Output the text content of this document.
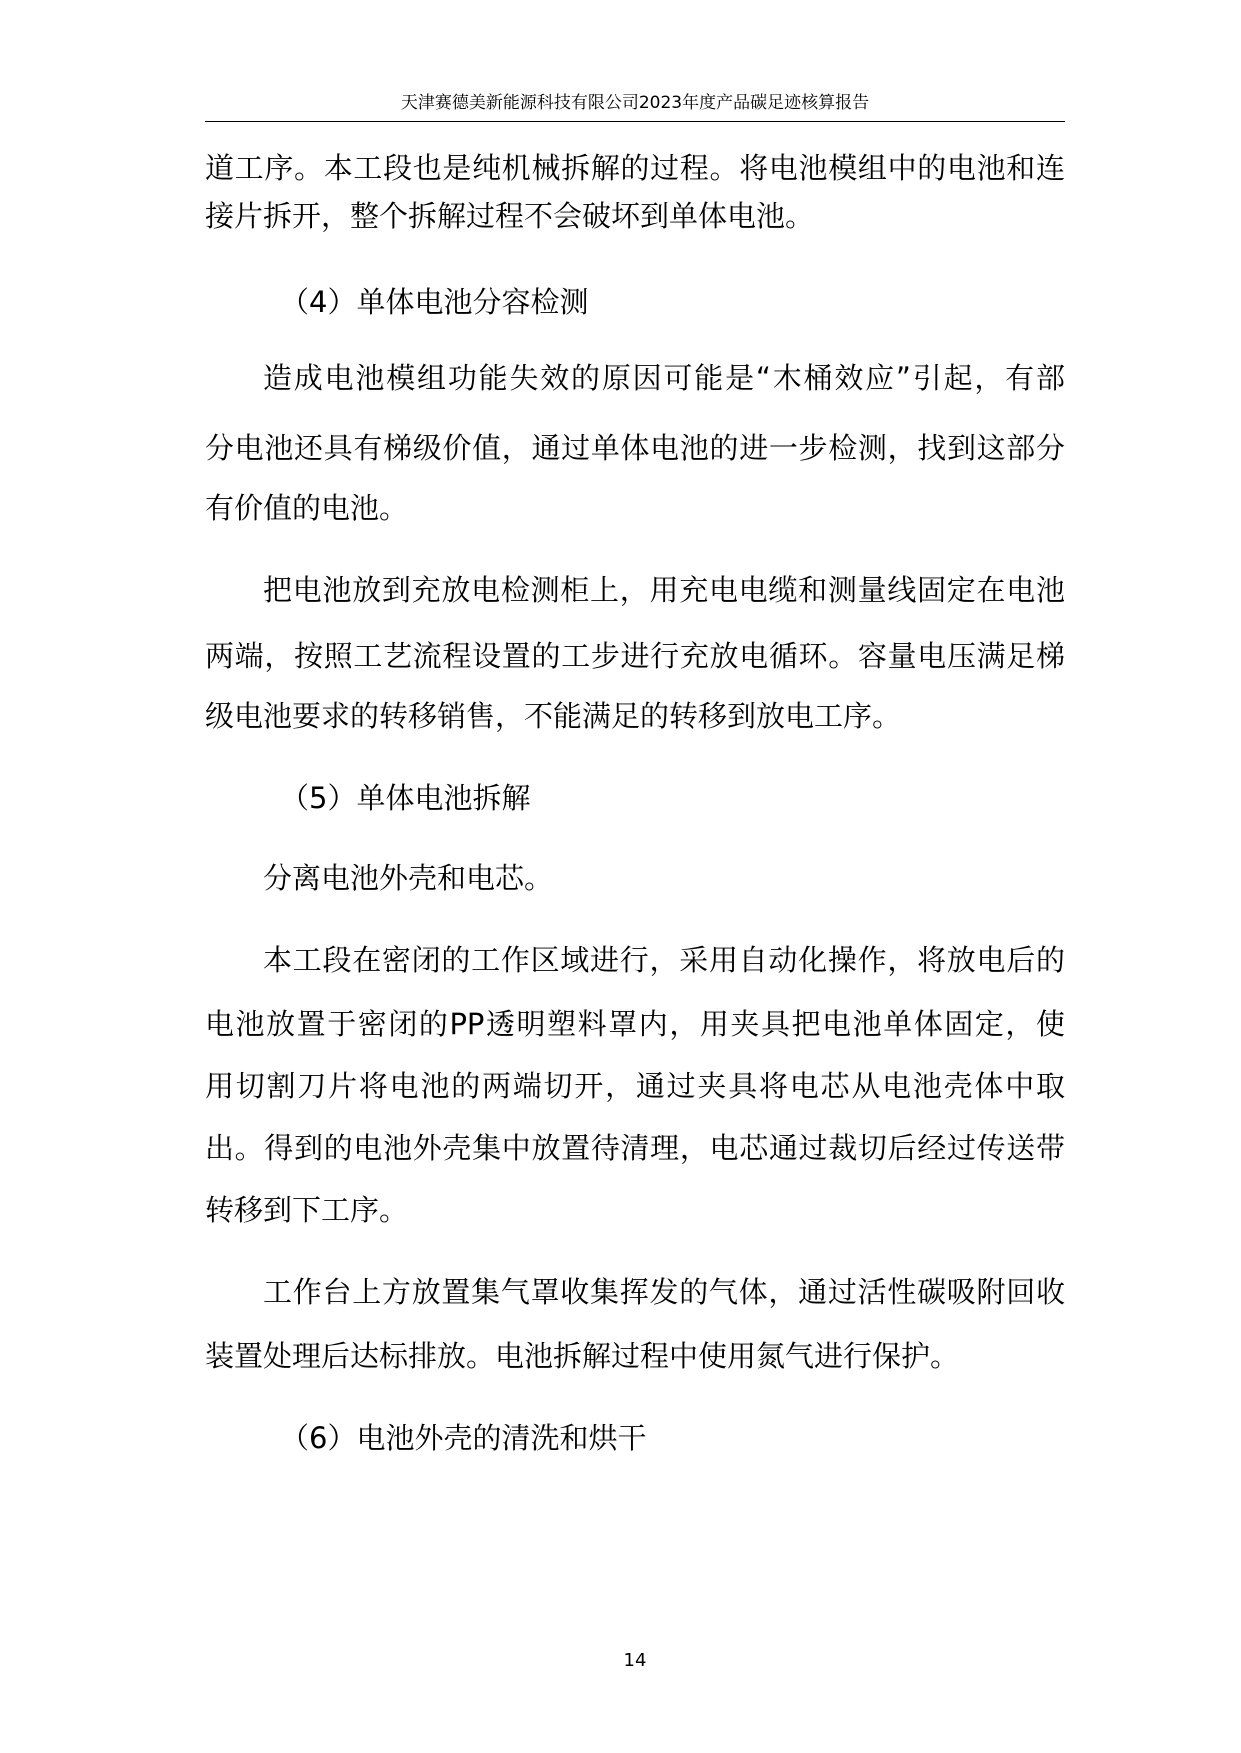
天津赛德美新能源科技有限公司2023年度产品碳足迹核算报告
道工序。本工段也是纯机械拆解的过程。将电池模组中的电池和连
接片拆开，整个拆解过程不会破坏到单体电池。
（4）单体电池分容检测
造成电池模组功能失效的原因可能是“木桶效应”引起，有部
分电池还具有梯级价值，通过单体电池的进一步检测，找到这部分
有价值的电池。
把电池放到充放电检测柜上，用充电电缆和测量线固定在电池
两端，按照工艺流程设置的工步进行充放电循环。容量电压满足梯
级电池要求的转移销售，不能满足的转移到放电工序。
（5）单体电池拆解
分离电池外壳和电芯。
本工段在密闭的工作区域进行，采用自动化操作，将放电后的
电池放置于密闭的PP透明塑料罩内，用夹具把电池单体固定，使
用切割刀片将电池的两端切开，通过夹具将电芯从电池壳体中取
出。得到的电池外壳集中放置待清理，电芯通过裁切后经过传送带
转移到下工序。
工作台上方放置集气罩收集挥发的气体，通过活性碳吸附回收
装置处理后达标排放。电池拆解过程中使用氮气进行保护。
（6）电池外壳的清洗和烘干
14
